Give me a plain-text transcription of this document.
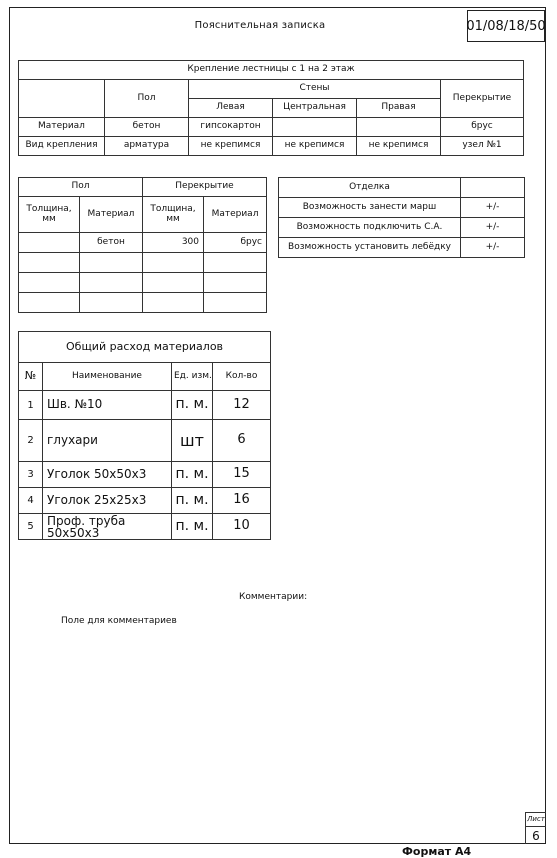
Пояснительная записка	01/08/18/50
Крепление лестницы с 1 на 2 этаж					
	Пол	Стены			Перекрытие
		Левая	Центральная	Правая	
Материал	бетон	гипсокартон			брус
Вид крепления	арматура	не крепимся	не крепимся	не крепимся	узел №1
Пол		Перекрытие	
Толщина, мм	Материал	Толщина, мм	Материал
	бетон	300	брус

Отделка	
Возможность занести марш	+/-
Возможность подключить С.А.	+/-
Возможность установить лебёдку	+/-
Общий расход материалов			
№	Наименование	Ед. изм.	Кол-во
1	Шв. №10	п. м.	12
2	глухари	шт	6
3	Уголок 50x50x3	п. м.	15
4	Уголок 25x25x3	п. м.	16
5	Проф. труба 50x50x3	п. м.	10
Комментарии:
Поле для комментариев
Лист
6
Формат A4
